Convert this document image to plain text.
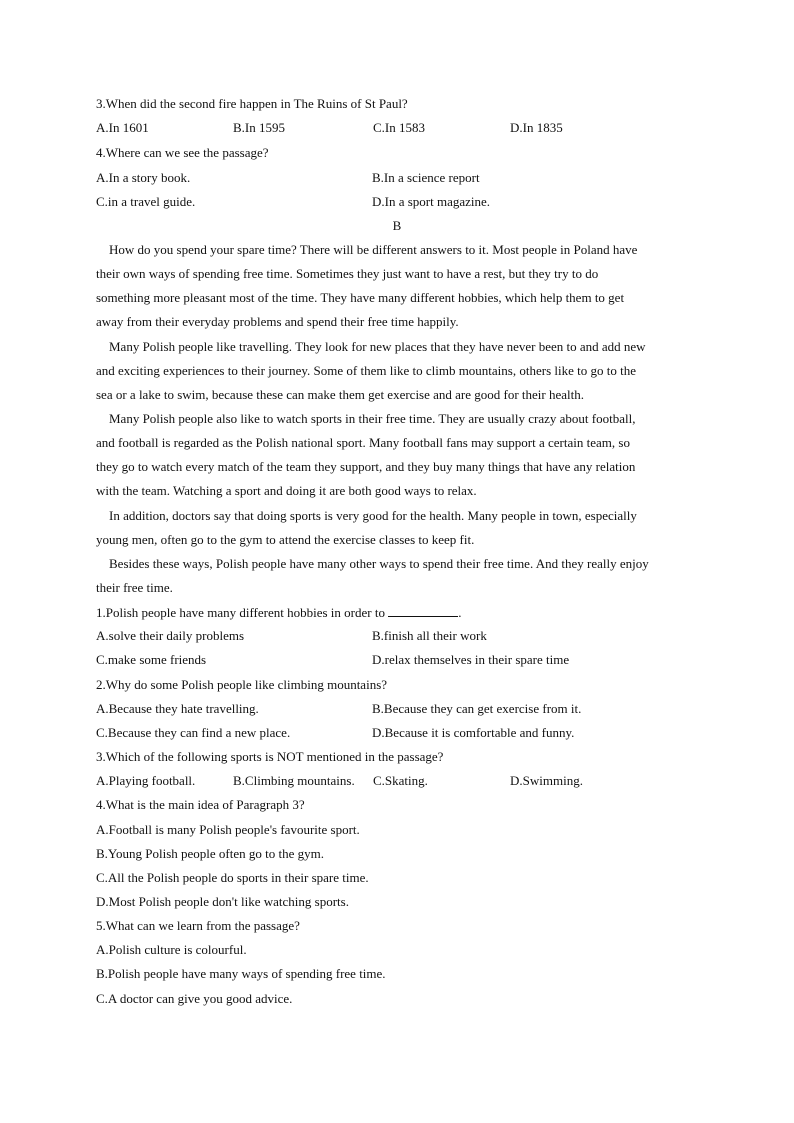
3.When did the second fire happen in The Ruins of St Paul?
A.In 1601	B.In 1595	C.In 1583	D.In 1835
4.Where can we see the passage?
A.In a story book.	B.In a science report
C.in a travel guide.	D.In a sport magazine.
B
How do you spend your spare time? There will be different answers to it. Most people in Poland have
their own ways of spending free time. Sometimes they just want to have a rest, but they try to do
something more pleasant most of the time. They have many different hobbies, which help them to get
away from their everyday problems and spend their free time happily.
Many Polish people like travelling. They look for new places that they have never been to and add new
and exciting experiences to their journey. Some of them like to climb mountains, others like to go to the
sea or a lake to swim, because these can make them get exercise and are good for their health.
Many Polish people also like to watch sports in their free time. They are usually crazy about football,
and football is regarded as the Polish national sport. Many football fans may support a certain team, so
they go to watch every match of the team they support, and they buy many things that have any relation
with the team. Watching a sport and doing it are both good ways to relax.
In addition, doctors say that doing sports is very good for the health. Many people in town, especially
young men, often go to the gym to attend the exercise classes to keep fit.
Besides these ways, Polish people have many other ways to spend their free time. And they really enjoy
their free time.
1.Polish people have many different hobbies in order to	.
A.solve their daily problems	B.finish all their work
C.make some friends	D.relax themselves in their spare time
2.Why do some Polish people like climbing mountains?
A.Because they hate travelling.	B.Because they can get exercise from it.
C.Because they can find a new place.	D.Because it is comfortable and funny.
3.Which of the following sports is NOT mentioned in the passage?
A.Playing football.	B.Climbing mountains. C.Skating.	D.Swimming.
4.What is the main idea of Paragraph 3?
A.Football is many Polish people's favourite sport.
B.Young Polish people often go to the gym.
C.All the Polish people do sports in their spare time.
D.Most Polish people don't like watching sports.
5.What can we learn from the passage?
A.Polish culture is colourful.
B.Polish people have many ways of spending free time.
C.A doctor can give you good advice.
